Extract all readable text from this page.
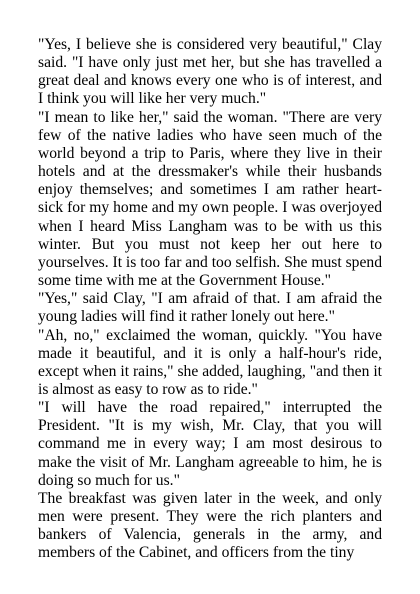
"Yes, I believe she is considered very beautiful," Clay said. "I have only just met her, but she has travelled a great deal and knows every one who is of interest, and I think you will like her very much."

"I mean to like her," said the woman. "There are very few of the native ladies who have seen much of the world beyond a trip to Paris, where they live in their hotels and at the dressmaker's while their husbands enjoy themselves; and sometimes I am rather heart-sick for my home and my own people. I was overjoyed when I heard Miss Langham was to be with us this winter. But you must not keep her out here to yourselves. It is too far and too selfish. She must spend some time with me at the Government House."

"Yes," said Clay, "I am afraid of that. I am afraid the young ladies will find it rather lonely out here."

"Ah, no," exclaimed the woman, quickly. "You have made it beautiful, and it is only a half-hour's ride, except when it rains," she added, laughing, "and then it is almost as easy to row as to ride."

"I will have the road repaired," interrupted the President. "It is my wish, Mr. Clay, that you will command me in every way; I am most desirous to make the visit of Mr. Langham agreeable to him, he is doing so much for us."

The breakfast was given later in the week, and only men were present. They were the rich planters and bankers of Valencia, generals in the army, and members of the Cabinet, and officers from the tiny
